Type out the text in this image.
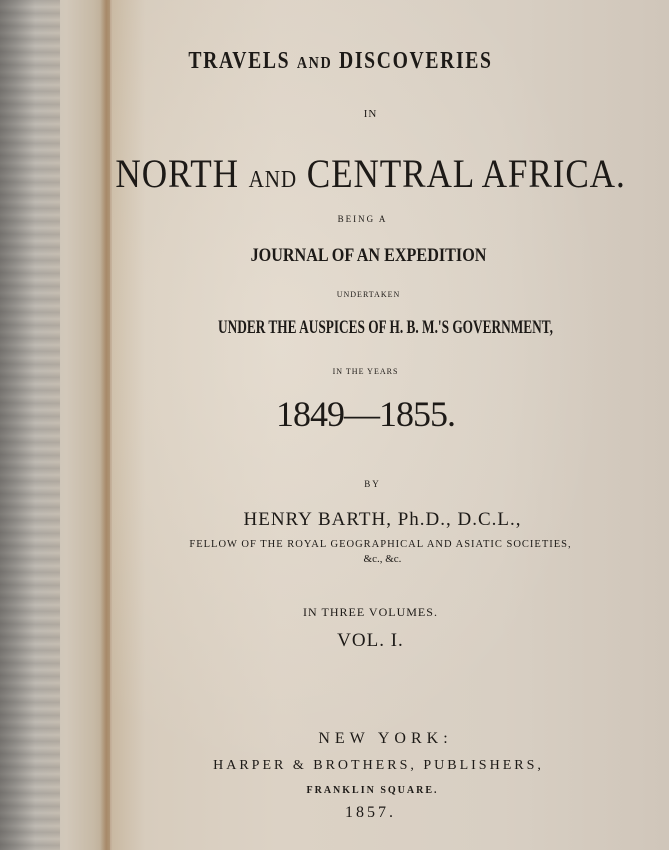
TRAVELS AND DISCOVERIES
IN
NORTH AND CENTRAL AFRICA.
BEING A
JOURNAL OF AN EXPEDITION
UNDERTAKEN
UNDER THE AUSPICES OF H. B. M.'S GOVERNMENT,
IN THE YEARS
1849—1855.
BY
HENRY BARTH, Ph.D., D.C.L.,
FELLOW OF THE ROYAL GEOGRAPHICAL AND ASIATIC SOCIETIES,
&c., &c.
IN THREE VOLUMES.
VOL. I.
NEW YORK:
HARPER & BROTHERS, PUBLISHERS,
FRANKLIN SQUARE.
1857.
